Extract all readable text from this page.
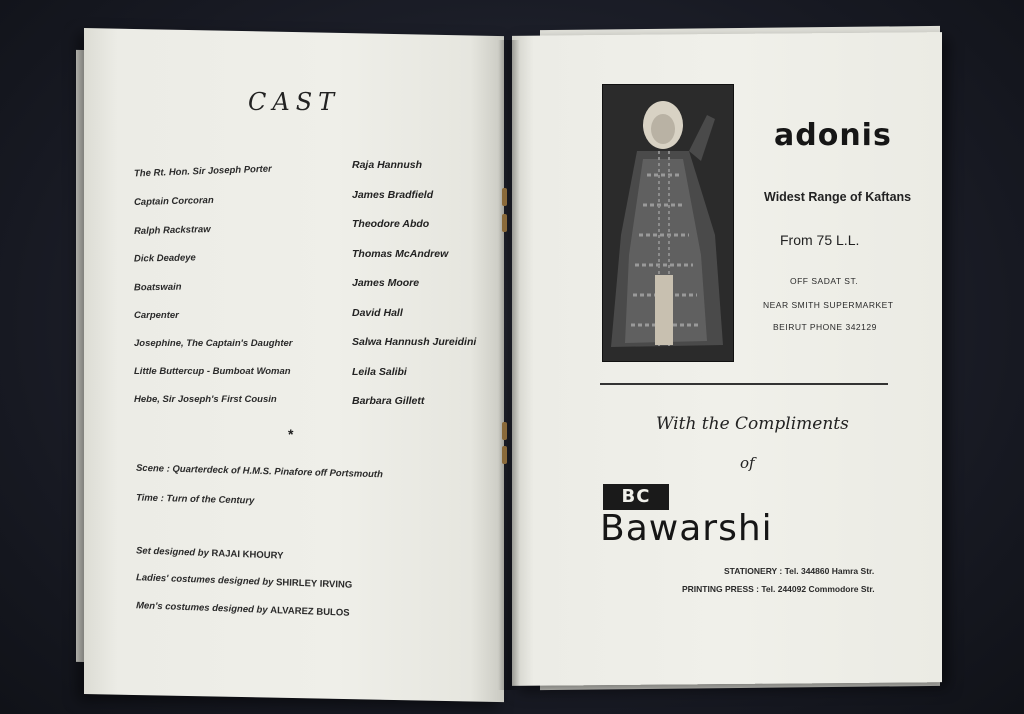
CAST
The Rt. Hon. Sir Joseph Porter
Captain Corcoran
Ralph Rackstraw
Dick Deadeye
Boatswain
Carpenter
Josephine, The Captain's Daughter
Little Buttercup - Bumboat Woman
Hebe, Sir Joseph's First Cousin
Raja Hannush
James Bradfield
Theodore Abdo
Thomas McAndrew
James Moore
David Hall
Salwa Hannush Jureidini
Leila Salibi
Barbara Gillett
*
Scene : Quarterdeck of H.M.S. Pinafore off Portsmouth
Time : Turn of the Century
Set designed by RAJAI KHOURY
Ladies' costumes designed by SHIRLEY IRVING
Men's costumes designed by ALVAREZ BULOS
adonis
Widest Range of Kaftans
From 75 L.L.
OFF SADAT ST.
NEAR SMITH SUPERMARKET
BEIRUT PHONE 342129
With the Compliments
of
BC
Bawarshi
STATIONERY : Tel. 344860 Hamra Str.
PRINTING PRESS : Tel. 244092 Commodore Str.
